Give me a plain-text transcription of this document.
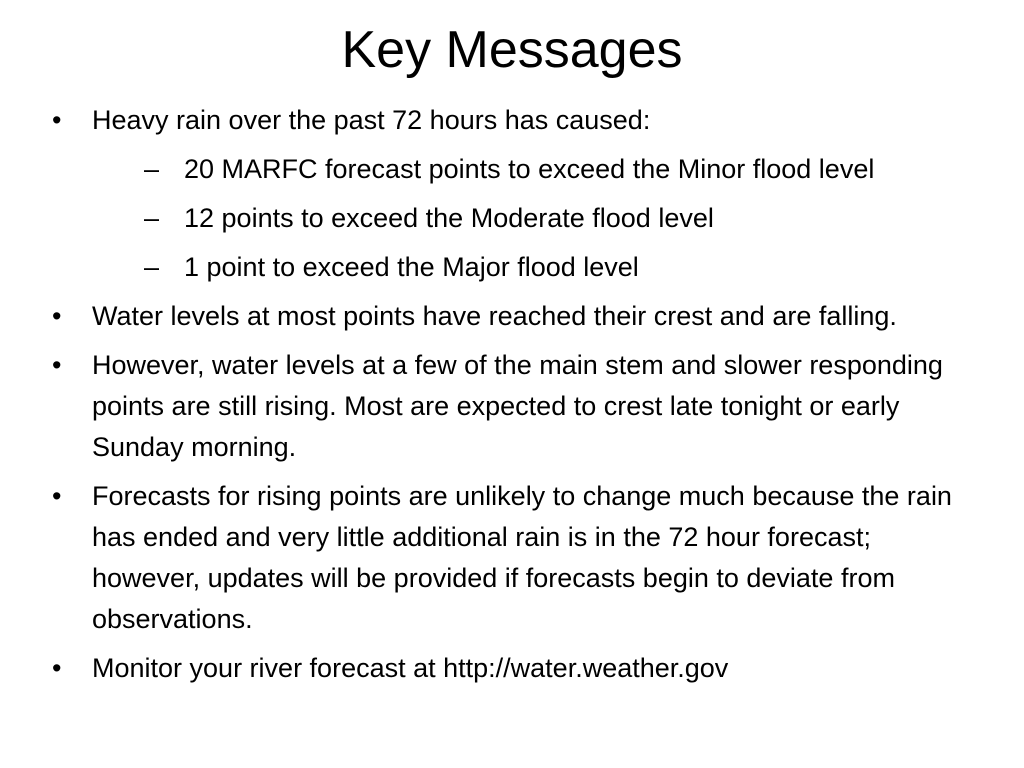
Key Messages
•	Heavy rain over the past 72 hours has caused:
– 20 MARFC forecast points to exceed the Minor flood level
– 12 points to exceed the Moderate flood level
– 1 point to exceed the Major flood level
•	Water levels at most points have reached their crest and are falling.
•	However, water levels at a few of the main stem and slower responding points are still rising. Most are expected to crest late tonight or early Sunday morning.
•	Forecasts for rising points are unlikely to change much because the rain has ended and very little additional rain is in the 72 hour forecast; however, updates will be provided if forecasts begin to deviate from observations.
•	Monitor your river forecast at http://water.weather.gov
